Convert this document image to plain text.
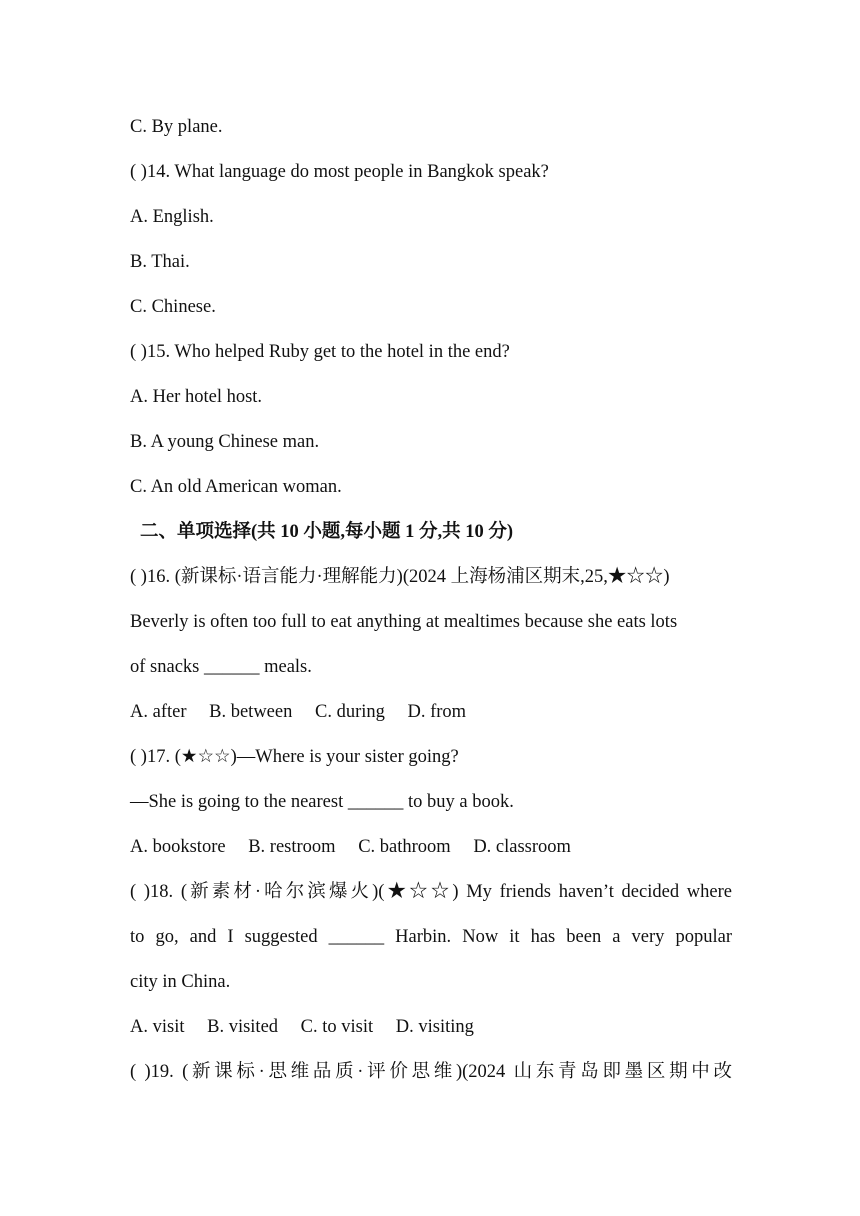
C. By plane.
( )14. What language do most people in Bangkok speak?
A. English.
B. Thai.
C. Chinese.
( )15. Who helped Ruby get to the hotel in the end?
A. Her hotel host.
B. A young Chinese man.
C. An old American woman.
二、单项选择(共 10 小题,每小题 1 分,共 10 分)
( )16. (新课标·语言能力·理解能力)(2024 上海杨浦区期末,25,★☆☆)
Beverly is often too full to eat anything at mealtimes because she eats lots
of snacks ______ meals.
A. after B. between C. during D. from
( )17. (★☆☆)—Where is your sister going?
—She is going to the nearest ______ to buy a book.
A. bookstore B. restroom C. bathroom D. classroom
( )18. (新素材·哈尔滨爆火)(★☆☆) My friends haven’t decided where
to go, and I suggested ______ Harbin. Now it has been a very popular
city in China.
A. visit B. visited C. to visit D. visiting
( )19. (新课标·思维品质·评价思维)(2024 山东青岛即墨区期中改
